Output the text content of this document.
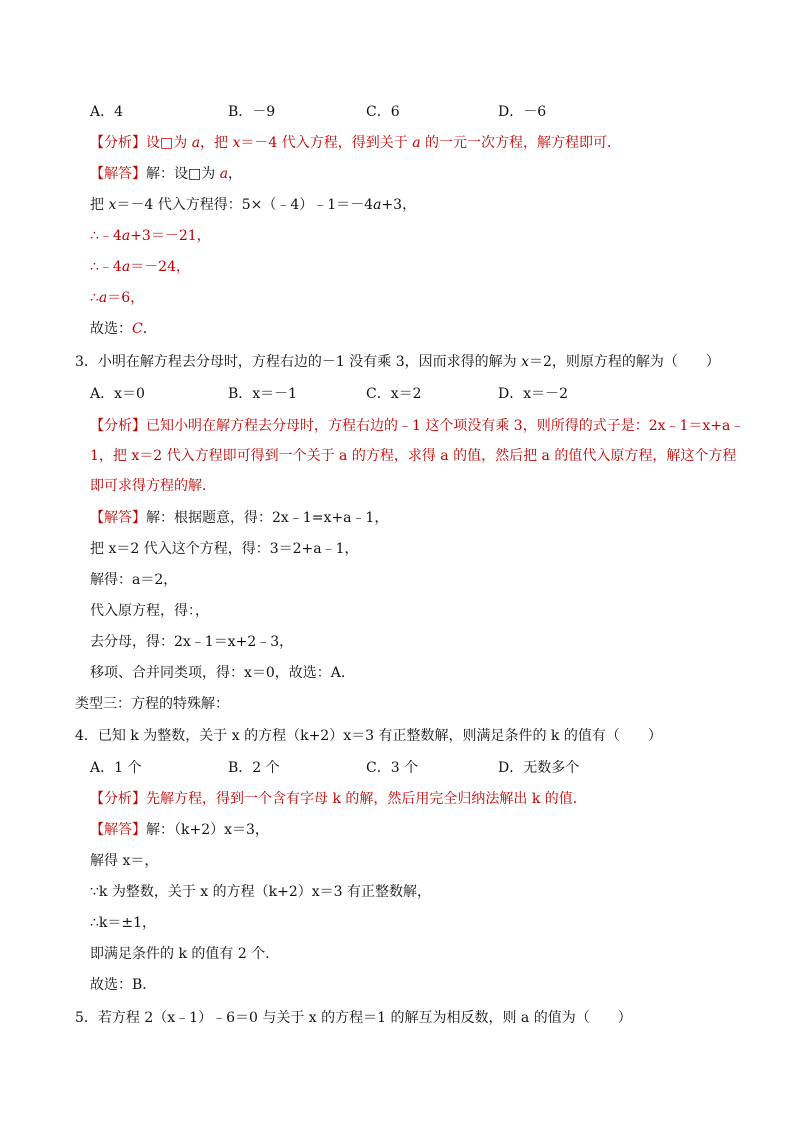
A．4	B．－9	C．6	D．－6
【分析】设□为 a，把 x＝－4 代入方程，得到关于 a 的一元一次方程，解方程即可．
【解答】解：设□为 a，
把 x＝－4 代入方程得：5×（﹣4）﹣1＝－4a+3，
∴﹣4a+3＝－21，
∴﹣4a＝－24，
∴a＝6，
故选：C．
3．小明在解方程去分母时，方程右边的－1 没有乘 3，因而求得的解为 x＝2，则原方程的解为（　　）
A．x＝0	B．x＝－1	C．x＝2	D．x＝－2
【分析】已知小明在解方程去分母时，方程右边的﹣1 这个项没有乘 3，则所得的式子是：2x﹣1＝x+a﹣
1，把 x＝2 代入方程即可得到一个关于 a 的方程，求得 a 的值，然后把 a 的值代入原方程，解这个方程
即可求得方程的解．
【解答】解：根据题意，得：2x﹣1=x+a﹣1，
把 x＝2 代入这个方程，得：3＝2+a﹣1，
解得：a＝2，
代入原方程，得：，
去分母，得：2x﹣1＝x+2﹣3，
移项、合并同类项，得：x＝0，故选：A．
类型三：方程的特殊解：
4．已知 k 为整数，关于 x 的方程（k+2）x＝3 有正整数解，则满足条件的 k 的值有（　　）
A．1 个	B．2 个	C．3 个	D．无数多个
【分析】先解方程，得到一个含有字母 k 的解，然后用完全归纳法解出 k 的值．
【解答】解：（k+2）x＝3，
解得 x＝，
∵k 为整数，关于 x 的方程（k+2）x＝3 有正整数解，
∴k＝±1，
即满足条件的 k 的值有 2 个．
故选：B．
5．若方程 2（x﹣1）﹣6＝0 与关于 x 的方程＝1 的解互为相反数，则 a 的值为（　　）
